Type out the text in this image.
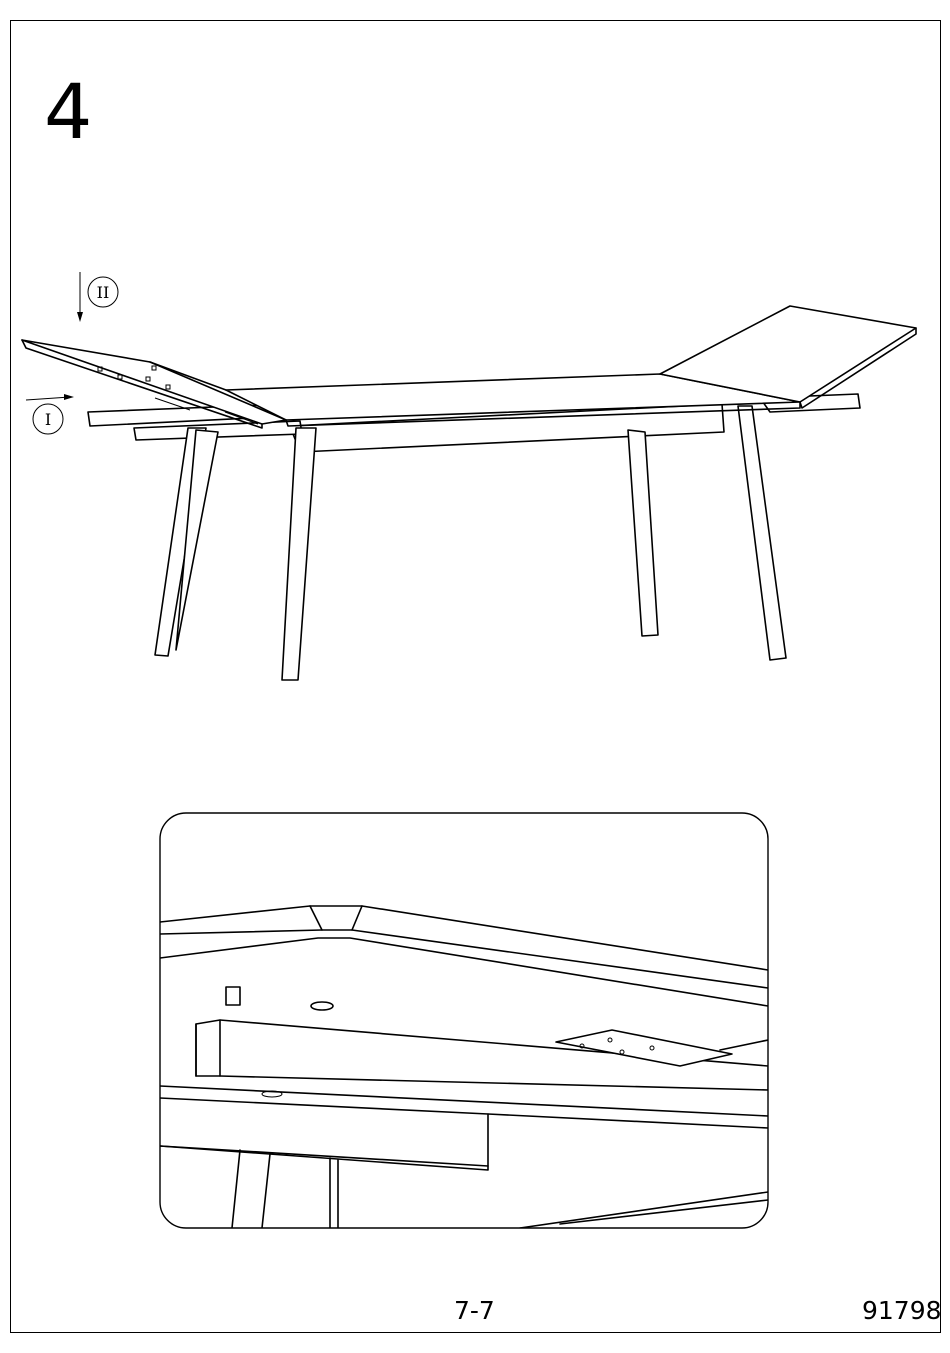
4
II
I
7-7	91798
